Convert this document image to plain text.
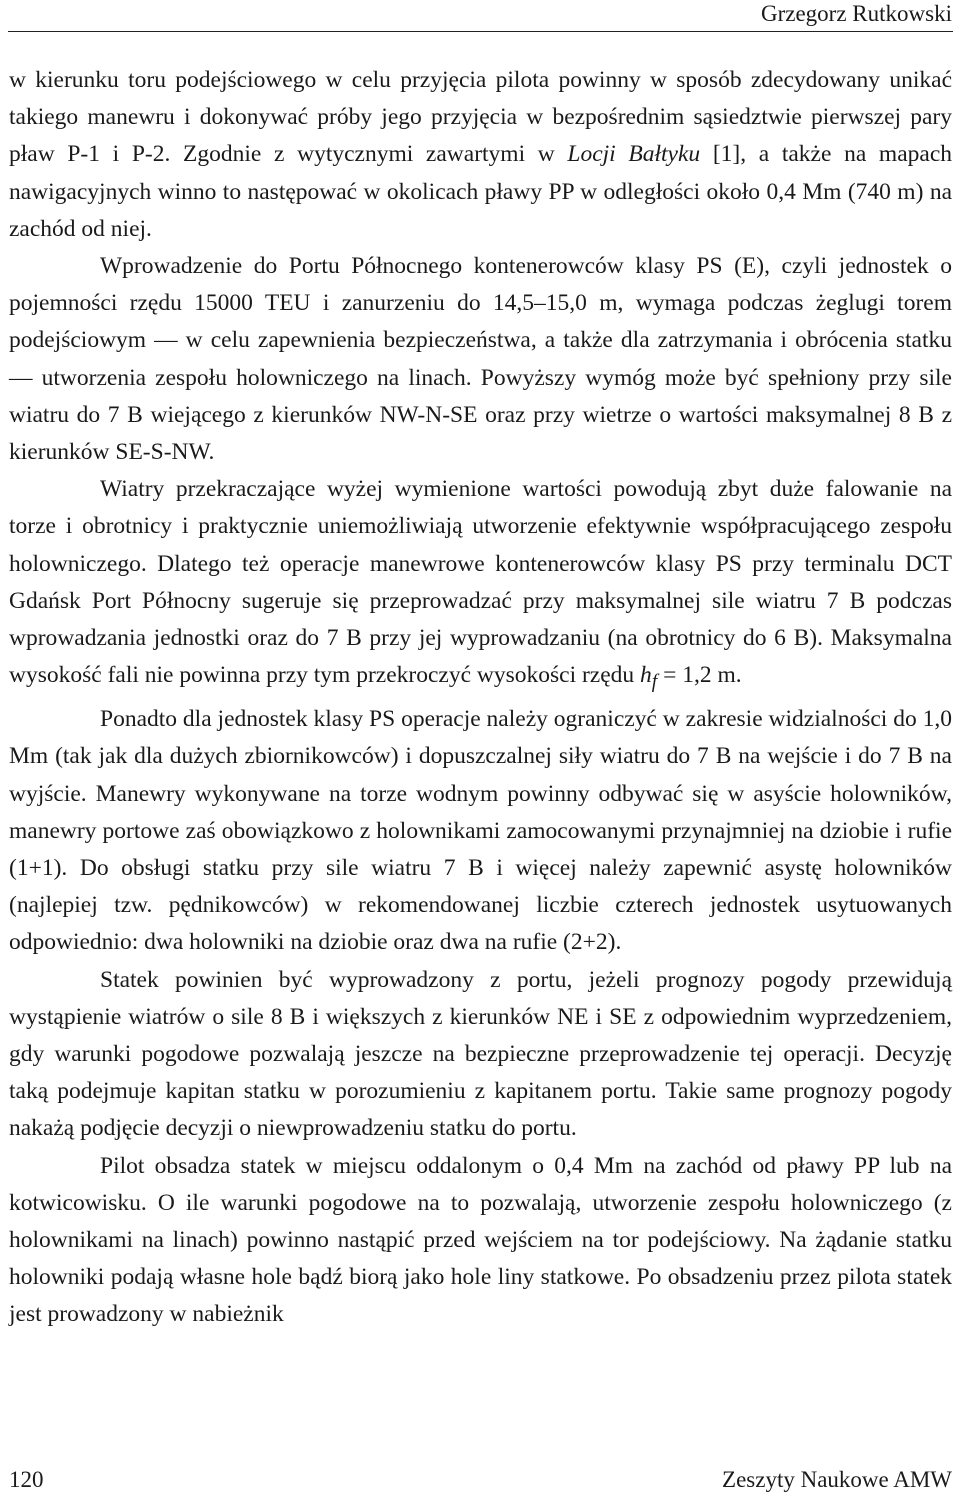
Grzegorz Rutkowski

w kierunku toru podejściowego w celu przyjęcia pilota powinny w sposób zdecydowany unikać takiego manewru i dokonywać próby jego przyjęcia w bezpośrednim sąsiedztwie pierwszej pary pław P-1 i P-2. Zgodnie z wytycznymi zawartymi w Locji Bałtyku [1], a także na mapach nawigacyjnych winno to następować w okolicach pławy PP w odległości około 0,4 Mm (740 m) na zachód od niej.

Wprowadzenie do Portu Północnego kontenerowców klasy PS (E), czyli jednostek o pojemności rzędu 15000 TEU i zanurzeniu do 14,5–15,0 m, wymaga podczas żeglugi torem podejściowym — w celu zapewnienia bezpieczeństwa, a także dla zatrzymania i obrócenia statku — utworzenia zespołu holowniczego na linach. Powyższy wymóg może być spełniony przy sile wiatru do 7 B wiejącego z kierunków NW-N-SE oraz przy wietrze o wartości maksymalnej 8 B z kierunków SE-S-NW.

Wiatry przekraczające wyżej wymienione wartości powodują zbyt duże falowanie na torze i obrotnicy i praktycznie uniemożliwiają utworzenie efektywnie współpracującego zespołu holowniczego. Dlatego też operacje manewrowe kontenerowców klasy PS przy terminalu DCT Gdańsk Port Północny sugeruje się przeprowadzać przy maksymalnej sile wiatru 7 B podczas wprowadzania jednostki oraz do 7 B przy jej wyprowadzaniu (na obrotnicy do 6 B). Maksymalna wysokość fali nie powinna przy tym przekroczyć wysokości rzędu $h_f = 1,2$ m.

Ponadto dla jednostek klasy PS operacje należy ograniczyć w zakresie widzialności do 1,0 Mm (tak jak dla dużych zbiornikowców) i dopuszczalnej siły wiatru do 7 B na wejście i do 7 B na wyjście. Manewry wykonywane na torze wodnym powinny odbywać się w asyście holowników, manewry portowe zaś obowiązkowo z holownikami zamocowanymi przynajmniej na dziobie i rufie (1+1). Do obsługi statku przy sile wiatru 7 B i więcej należy zapewnić asystę holowników (najlepiej tzw. pędnikowców) w rekomendowanej liczbie czterech jednostek usytuowanych odpowiednio: dwa holowniki na dziobie oraz dwa na rufie (2+2).

Statek powinien być wyprowadzony z portu, jeżeli prognozy pogody przewidują wystąpienie wiatrów o sile 8 B i większych z kierunków NE i SE z odpowiednim wyprzedzeniem, gdy warunki pogodowe pozwalają jeszcze na bezpieczne przeprowadzenie tej operacji. Decyzję taką podejmuje kapitan statku w porozumieniu z kapitanem portu. Takie same prognozy pogody nakażą podjęcie decyzji o niewprowadzeniu statku do portu.

Pilot obsadza statek w miejscu oddalonym o 0,4 Mm na zachód od pławy PP lub na kotwicowisku. O ile warunki pogodowe na to pozwalają, utworzenie zespołu holowniczego (z holownikami na linach) powinno nastąpić przed wejściem na tor podejściowy. Na żądanie statku holowniki podają własne hole bądź biorą jako hole liny statkowe. Po obsadzeniu przez pilota statek jest prowadzony w nabieżnik

120	Zeszyty Naukowe AMW
